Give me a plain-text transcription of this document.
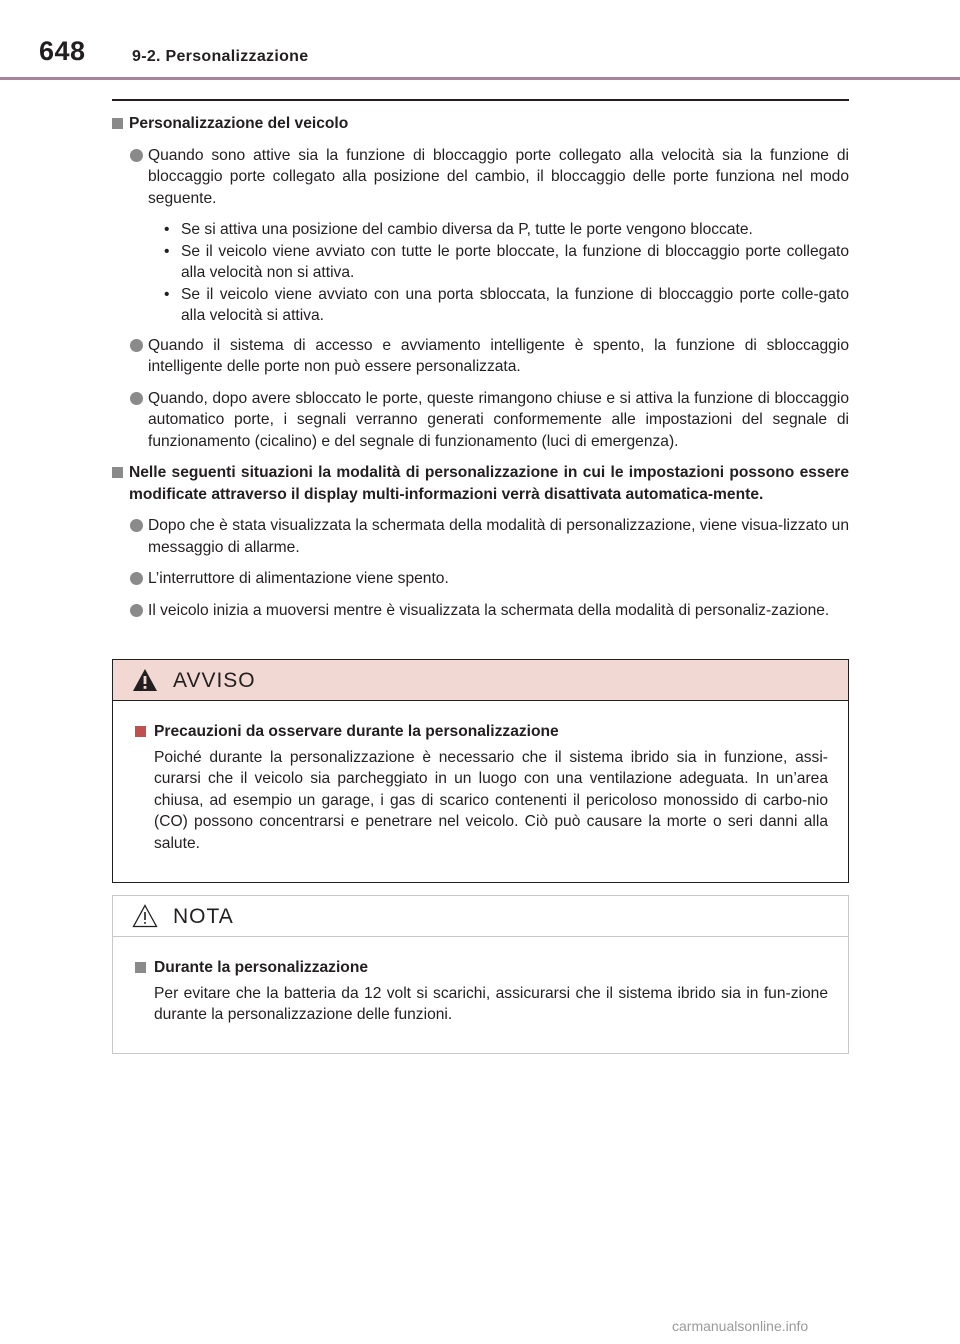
648	9-2. Personalizzazione
Personalizzazione del veicolo
Quando sono attive sia la funzione di bloccaggio porte collegato alla velocità sia la funzione di bloccaggio porte collegato alla posizione del cambio, il bloccaggio delle porte funziona nel modo seguente.
• Se si attiva una posizione del cambio diversa da P, tutte le porte vengono bloccate.
• Se il veicolo viene avviato con tutte le porte bloccate, la funzione di bloccaggio porte collegato alla velocità non si attiva.
• Se il veicolo viene avviato con una porta sbloccata, la funzione di bloccaggio porte colle-gato alla velocità si attiva.
Quando il sistema di accesso e avviamento intelligente è spento, la funzione di sbloccaggio intelligente delle porte non può essere personalizzata.
Quando, dopo avere sbloccato le porte, queste rimangono chiuse e si attiva la funzione di bloccaggio automatico porte, i segnali verranno generati conformemente alle impostazioni del segnale di funzionamento (cicalino) e del segnale di funzionamento (luci di emergenza).
Nelle seguenti situazioni la modalità di personalizzazione in cui le impostazioni possono essere modificate attraverso il display multi-informazioni verrà disattivata automatica-mente.
Dopo che è stata visualizzata la schermata della modalità di personalizzazione, viene visua-lizzato un messaggio di allarme.
L’interruttore di alimentazione viene spento.
Il veicolo inizia a muoversi mentre è visualizzata la schermata della modalità di personaliz-zazione.
AVVISO
Precauzioni da osservare durante la personalizzazione
Poiché durante la personalizzazione è necessario che il sistema ibrido sia in funzione, assi-curarsi che il veicolo sia parcheggiato in un luogo con una ventilazione adeguata. In un’area chiusa, ad esempio un garage, i gas di scarico contenenti il pericoloso monossido di carbo-nio (CO) possono concentrarsi e penetrare nel veicolo. Ciò può causare la morte o seri danni alla salute.
NOTA
Durante la personalizzazione
Per evitare che la batteria da 12 volt si scarichi, assicurarsi che il sistema ibrido sia in fun-zione durante la personalizzazione delle funzioni.
carmanualsonline.info
